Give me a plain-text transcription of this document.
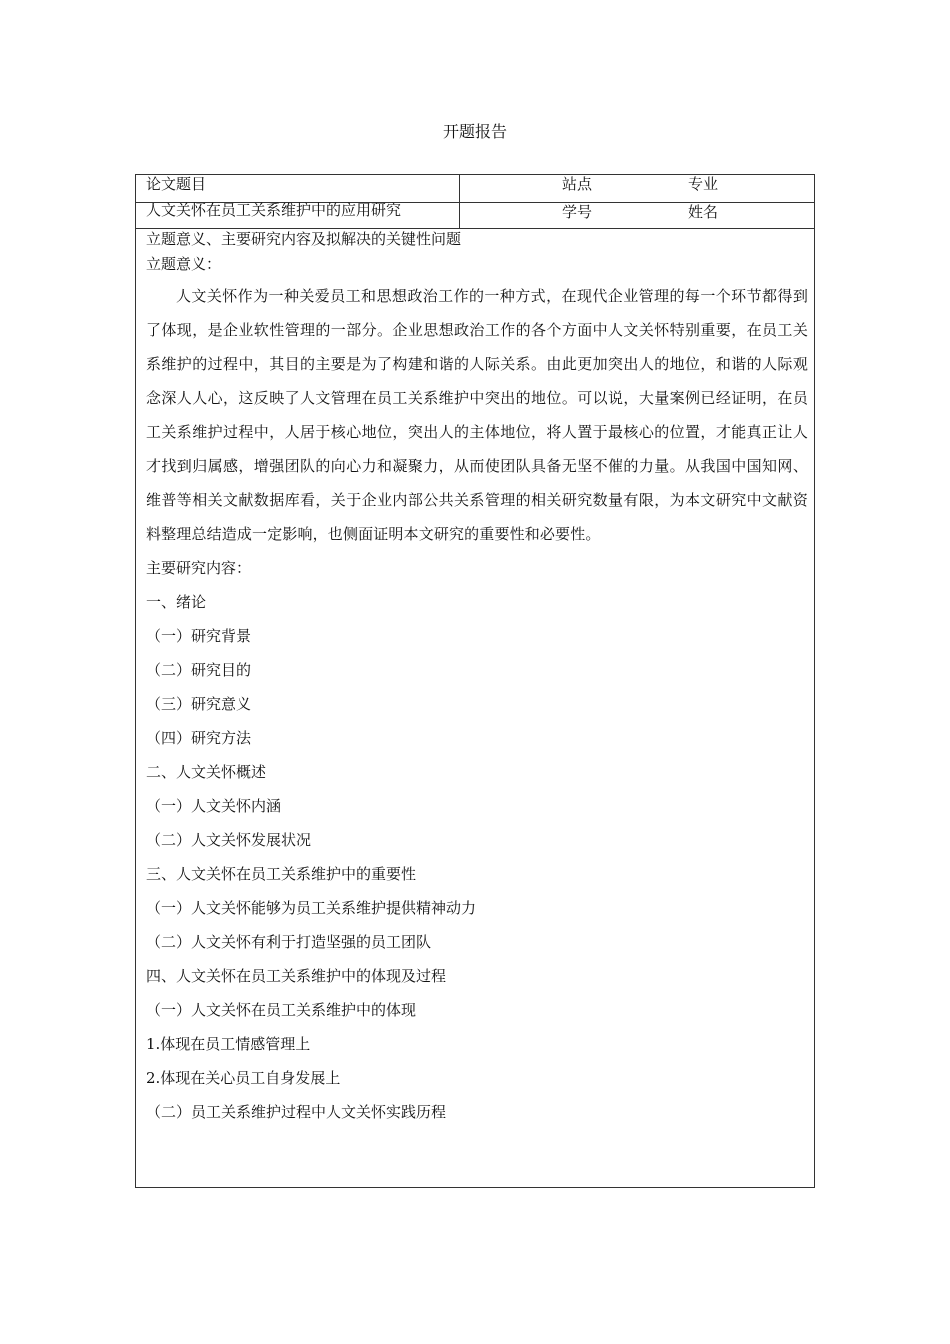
开题报告
论文题目
人文关怀在员工关系维护中的应用研究
站点	专业
学号	姓名
立题意义、主要研究内容及拟解决的关键性问题
立题意义：
人文关怀作为一种关爱员工和思想政治工作的一种方式，在现代企业管理的每一个环节都得到了体现，是企业软性管理的一部分。企业思想政治工作的各个方面中人文关怀特别重要，在员工关系维护的过程中，其目的主要是为了构建和谐的人际关系。由此更加突出人的地位，和谐的人际观念深人人心，这反映了人文管理在员工关系维护中突出的地位。可以说，大量案例已经证明，在员工关系维护过程中，人居于核心地位，突出人的主体地位，将人置于最核心的位置，才能真正让人才找到归属感，增强团队的向心力和凝聚力，从而使团队具备无坚不催的力量。从我国中国知网、维普等相关文献数据库看，关于企业内部公共关系管理的相关研究数量有限，为本文研究中文献资料整理总结造成一定影响，也侧面证明本文研究的重要性和必要性。
主要研究内容：
一、绪论
（一）研究背景
（二）研究目的
（三）研究意义
（四）研究方法
二、人文关怀概述
（一）人文关怀内涵
（二）人文关怀发展状况
三、人文关怀在员工关系维护中的重要性
（一）人文关怀能够为员工关系维护提供精神动力
（二）人文关怀有利于打造坚强的员工团队
四、人文关怀在员工关系维护中的体现及过程
（一）人文关怀在员工关系维护中的体现
1.体现在员工情感管理上
2.体现在关心员工自身发展上
（二）员工关系维护过程中人文关怀实践历程
